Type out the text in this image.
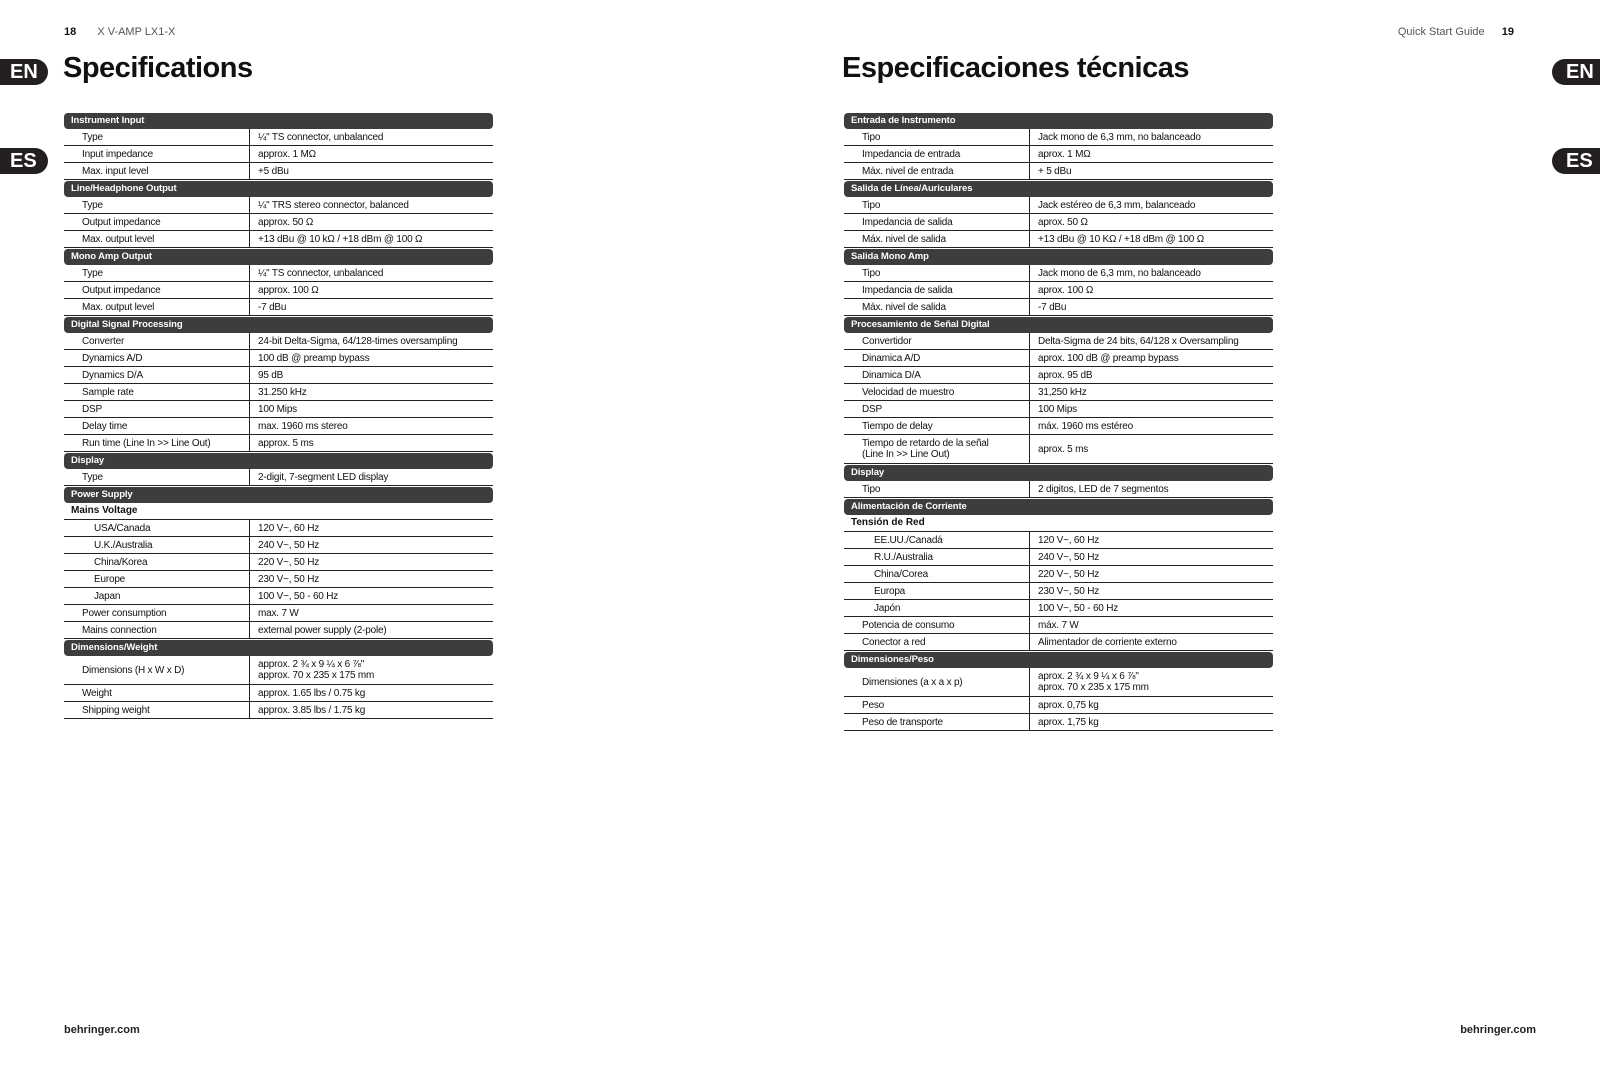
18 X V-AMP LX1-X
Specifications
EN
ES
Instrument Input
Type	¼" TS connector, unbalanced
Input impedance	approx. 1 MΩ
Max. input level	+5 dBu
Line/Headphone Output
Type	¼" TRS stereo connector, balanced
Output impedance	approx. 50 Ω
Max. output level	+13 dBu @ 10 kΩ / +18 dBm @ 100 Ω
Mono Amp Output
Type	¼" TS connector, unbalanced
Output impedance	approx. 100 Ω
Max. output level	-7 dBu
Digital Signal Processing
Converter	24-bit Delta-Sigma, 64/128-times oversampling
Dynamics A/D	100 dB @ preamp bypass
Dynamics D/A	95 dB
Sample rate	31.250 kHz
DSP	100 Mips
Delay time	max. 1960 ms stereo
Run time (Line In >> Line Out)	approx. 5 ms
Display
Type	2-digit, 7-segment LED display
Power Supply
Mains Voltage
USA/Canada	120 V~, 60 Hz
U.K./Australia	240 V~, 50 Hz
China/Korea	220 V~, 50 Hz
Europe	230 V~, 50 Hz
Japan	100 V~, 50 - 60 Hz
Power consumption	max. 7 W
Mains connection	external power supply (2-pole)
Dimensions/Weight
Dimensions (H x W x D)	approx. 2 ¾ x 9 ¼ x 6 ⅞"
approx. 70 x 235 x 175 mm
Weight	approx. 1.65 lbs / 0.75 kg
Shipping weight	approx. 3.85 lbs / 1.75 kg
behringer.com
Quick Start Guide 19
Especificaciones técnicas	EN
ES
Entrada de Instrumento
Tipo	Jack mono de 6,3 mm, no balanceado
Impedancia de entrada	aprox. 1 MΩ
Máx. nivel de entrada	+ 5 dBu
Salida de Línea/Auriculares
Tipo	Jack estéreo de 6,3 mm, balanceado
Impedancia de salida	aprox. 50 Ω
Máx. nivel de salida	+13 dBu @ 10 KΩ / +18 dBm @ 100 Ω
Salida Mono Amp
Tipo	Jack mono de 6,3 mm, no balanceado
Impedancia de salida	aprox. 100 Ω
Máx. nivel de salida	-7 dBu
Procesamiento de Señal Digital
Convertidor	Delta-Sigma de 24 bits, 64/128 x Oversampling
Dinamica A/D	aprox. 100 dB @ preamp bypass
Dinamica D/A	aprox. 95 dB
Velocidad de muestro	31,250 kHz
DSP	100 Mips
Tiempo de delay	máx. 1960 ms estéreo
Tiempo de retardo de la señal
(Line In >> Line Out)	aprox. 5 ms
Display
Tipo	2 digitos, LED de 7 segmentos
Alimentación de Corriente
Tensión de Red
EE.UU./Canadá	120 V~, 60 Hz
R.U./Australia	240 V~, 50 Hz
China/Corea	220 V~, 50 Hz
Europa	230 V~, 50 Hz
Japón	100 V~, 50 - 60 Hz
Potencia de consumo	máx. 7 W
Conector a red	Alimentador de corriente externo
Dimensiones/Peso
Dimensiones (a x a x p)	aprox. 2 ¾ x 9 ¼ x 6 ⅞"
aprox. 70 x 235 x 175 mm
Peso	aprox. 0,75 kg
Peso de transporte	aprox. 1,75 kg
behringer.com
